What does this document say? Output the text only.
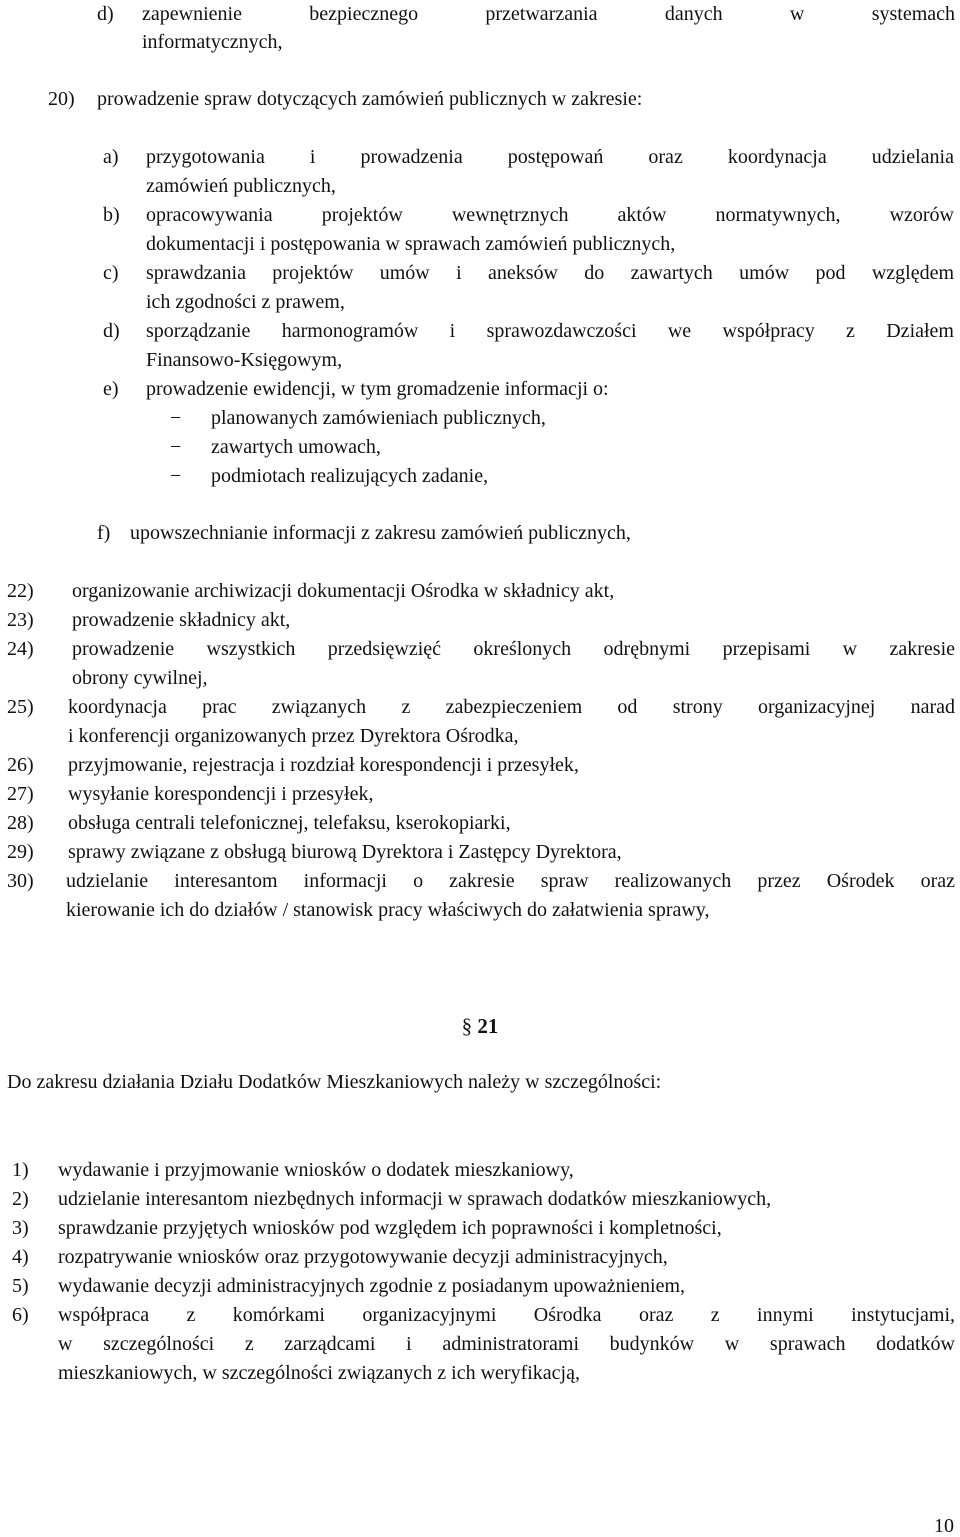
d) zapewnienie bezpiecznego przetwarzania danych w systemach
informatycznych,
20) prowadzenie spraw dotyczących zamówień publicznych w zakresie:
a) przygotowania i prowadzenia postępowań oraz koordynacja udzielania
zamówień publicznych,
b) opracowywania projektów wewnętrznych aktów normatywnych, wzorów
dokumentacji i postępowania w sprawach zamówień publicznych,
c) sprawdzania projektów umów i aneksów do zawartych umów pod względem
ich zgodności z prawem,
d) sporządzanie harmonogramów i sprawozdawczości we współpracy z Działem
Finansowo-Księgowym,
e) prowadzenie ewidencji, w tym gromadzenie informacji o:
− planowanych zamówieniach publicznych,
− zawartych umowach,
− podmiotach realizujących zadanie,
f) upowszechnianie informacji z zakresu zamówień publicznych,
22) organizowanie archiwizacji dokumentacji Ośrodka w składnicy akt,
23) prowadzenie składnicy akt,
24) prowadzenie wszystkich przedsięwzięć określonych odrębnymi przepisami w zakresie
obrony cywilnej,
25) koordynacja prac związanych z zabezpieczeniem od strony organizacyjnej narad
i konferencji organizowanych przez Dyrektora Ośrodka,
26) przyjmowanie, rejestracja i rozdział korespondencji i przesyłek,
27) wysyłanie korespondencji i przesyłek,
28) obsługa centrali telefonicznej, telefaksu, kserokopiarki,
29) sprawy związane z obsługą biurową Dyrektora i Zastępcy Dyrektora,
30) udzielanie interesantom informacji o zakresie spraw realizowanych przez Ośrodek oraz
kierowanie ich do działów / stanowisk pracy właściwych do załatwienia sprawy,
§ 21
Do zakresu działania Działu Dodatków Mieszkaniowych należy w szczególności:
1) wydawanie i przyjmowanie wniosków o dodatek mieszkaniowy,
2) udzielanie interesantom niezbędnych informacji w sprawach dodatków mieszkaniowych,
3) sprawdzanie przyjętych wniosków pod względem ich poprawności i kompletności,
4) rozpatrywanie wniosków oraz przygotowywanie decyzji administracyjnych,
5) wydawanie decyzji administracyjnych zgodnie z posiadanym upoważnieniem,
6) współpraca z komórkami organizacyjnymi Ośrodka oraz z innymi instytucjami,
w szczególności z zarządcami i administratorami budynków w sprawach dodatków
mieszkaniowych, w szczególności związanych z ich weryfikacją,
10
